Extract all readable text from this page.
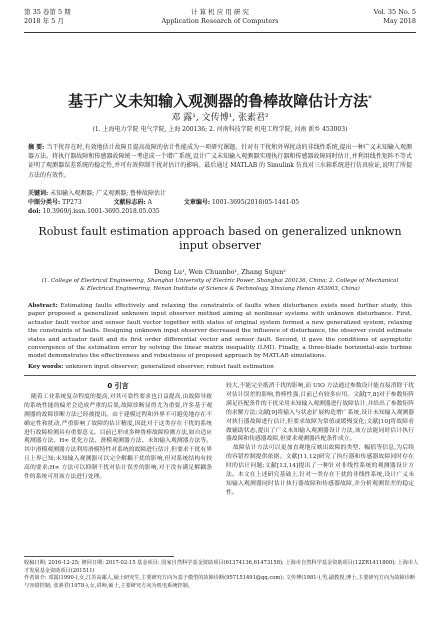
第 35 卷第 5 期
2018 年 5 月
计 算 机 应 用 研 究
Application Research of Computers
Vol. 35 No. 5
May 2018
基于广义未知输入观测器的鲁棒故障估计方法*
邓 露¹, 文传博¹, 张素君²
(1. 上海电力学院 电气学院, 上海 200136; 2. 河南科技学院 机电工程学院, 河南 新乡 453003)
摘 要: 当干扰存在时,有效地估计故障且提高故障的估计性能成为一项研究课题。针对有干扰和外界扰动的非线性系统,提出一种广义未知输入观测器方法。将执行器故障和传感器故障统一考虑成一个增广系统,设计广义未知输入观测器实现执行器和传感器故障同时估计,并利用线性矩阵不等式证明了观测器误差系统的稳定性,并可有效抑制干扰对估计的影响。最后通过 MATLAB 的 Simulink 仿真对三水箱系统进行仿真验证,说明了所提方法的有效性。
关键词: 未知输入观测器; 广义观测器; 鲁棒故障估计
中图分类号: TP273	文献标志码: A	文章编号: 1001-3695(2018)05-1441-05
doi: 10.3969/j.issn.1001-3695.2018.05.035
Robust fault estimation approach based on generalized unknown input observer
Deng Lu¹, Wen Chuanbo¹, Zhang Sujun²
(1. College of Electrical Engineering, Shanghai University of Electric Power, Shanghai 200136, China; 2. College of Mechanical & Electrical Engineering, Henan Institute of Science & Technology, Xinxiang Henan 453003, China)
Abstract: Estimating faults effectively and relaxing the constraints of faults when disturbance exists need further study, this paper proposed a generalized unknown input observer method aiming at nonlinear systems with unknown disturbance. First, actuator fault vector and sensor fault vector together with states of original system formed a new generalized system, relaxing the constraints of faults. Designing unknown input observer decreased the influence of disturbance, the observer could estimate states and actuator fault and its first order differential vector and sensor fault. Second, it gave the conditions of asymptotic convergence of the estimation error by solving the linear matrix inequality (LMI). Finally, a three-blade horizontal-axis turbine model demonstrates the effectiveness and robustness of proposed approach by MATLAB simulations.
Key words: unknown input observer; generalized observer; robust fault estimation
0 引言

随着工业系统复杂程度的提高,对其可靠性要求也日益提高,由故障导致的系统性能的偏差会造成严重的后果,故障诊断显得尤为重要,许多基于观测器的故障诊断方法已经被提出。由于建模过程和外界不可避免地存在不确定性和扰动,严重影响了故障的估计精度,因此对于这类存在干扰的系统进行故障检测具有重要意义。目前已形成多种鲁棒故障检测方法,如自适应观测器方法、H∞ 优化方法、滑模观测器方法、未知输入观测器方法等。其中滑模观测器方法利用滑模特性对系统的故障进行估计,但要求干扰有界且上界已知;未知输入观测器可以完全解耦干扰的影响,但对系统结构有较高的要求;H∞ 方法可以抑制干扰对估计误差的影响,对于没有满足解耦条件的系统可用该方法进行处理。

较大,不能完全抵消干扰的影响,而 UIO 方法通过参数设计能直接消除干扰对估计误差的影响,鲁棒性强,目前已有较多应用。文献[7,8]对于参数矩阵满足匹配条件的干扰采用未知输入观测器进行故障估计,并给出了参数矩阵的求解方法;文献[9]将输入与状态扩展构造增广系统,设计未知输入观测器对执行器故障进行估计,但要求故障为常值或缓慢变化;文献[10]将故障看做辅助状态,提出了广义未知输入观测器设计方法,该方法能同时估计执行器故障和传感器故障,但要求观测器匹配条件成立。

故障估计方法可以更加直观地反映出故障的类型、幅值等信息,为后续的容错控制提供依据。文献[11,12]研究了执行器和传感器故障同时存在时的估计问题;文献[13,14]提出了一种针对非线性系统的观测器设计方法。本文在上述研究基础上,针对一类存在干扰的非线性系统,设计广义未知输入观测器同时估计执行器故障和传感器故障,并分析观测误差的稳定性。

收稿日期: 2016-12-25; 修回日期: 2017-02-15 基金项目: 国家自然科学基金资助项目(61374136,61473158); 上海市自然科学基金资助项目(12ZR1411800); 上海市人才发展基金资助项目(201511)
作者简介: 邓露(1990-),女,江苏高邮人,硕士研究生,主要研究方向为基于模型的故障诊断(957151491@qq.com); 文传博(1981-),男,副教授,博士,主要研究方向为故障诊断与容错控制; 张素君(1978-),女,讲师,硕士,主要研究方向为机电系统控制。
